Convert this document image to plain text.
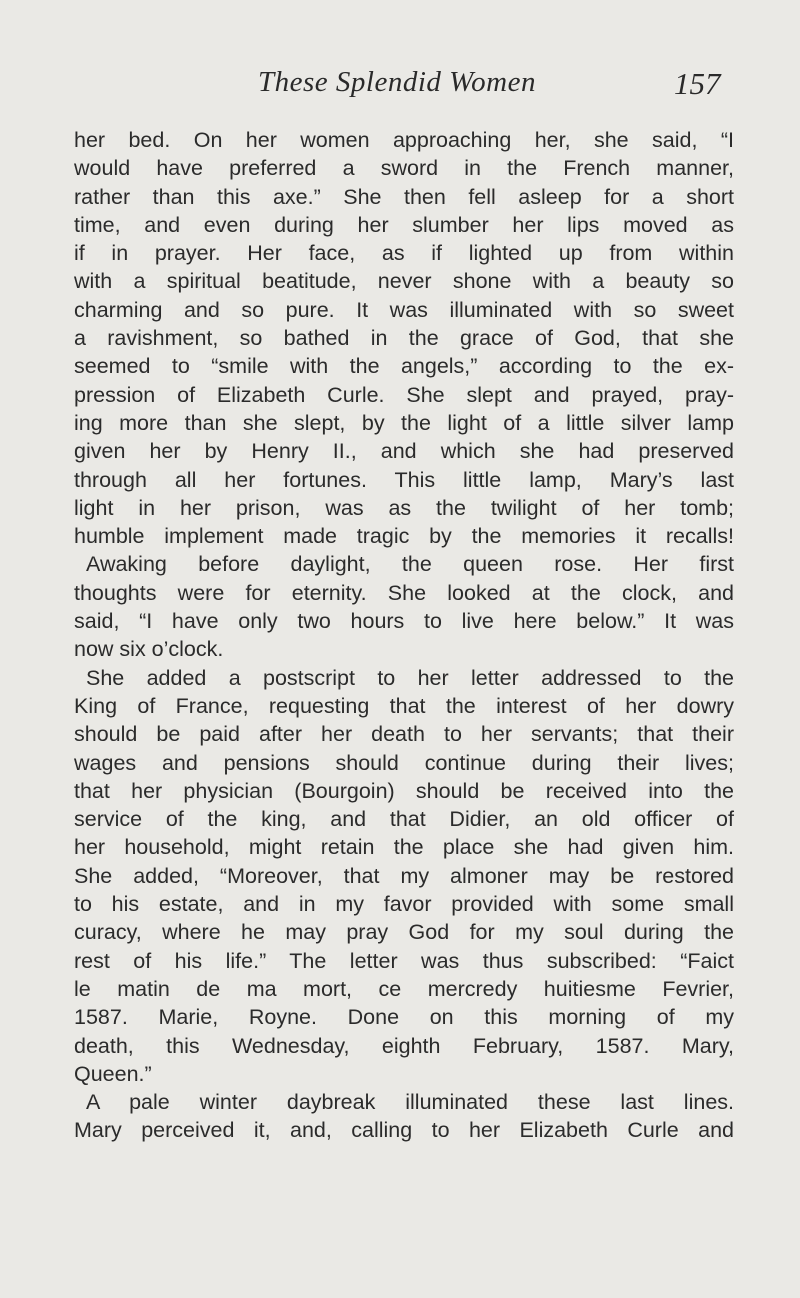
These Splendid Women	157
her bed. On her women approaching her, she said, “I
would have preferred a sword in the French manner,
rather than this axe.” She then fell asleep for a short
time, and even during her slumber her lips moved as
if in prayer. Her face, as if lighted up from within
with a spiritual beatitude, never shone with a beauty so
charming and so pure. It was illuminated with so sweet
a ravishment, so bathed in the grace of God, that she
seemed to “smile with the angels,” according to the ex-
pression of Elizabeth Curle. She slept and prayed, pray-
ing more than she slept, by the light of a little silver lamp
given her by Henry II., and which she had preserved
through all her fortunes. This little lamp, Mary’s last
light in her prison, was as the twilight of her tomb;
humble implement made tragic by the memories it recalls!
Awaking before daylight, the queen rose. Her first
thoughts were for eternity. She looked at the clock, and
said, “I have only two hours to live here below.” It was
now six o’clock.
She added a postscript to her letter addressed to the
King of France, requesting that the interest of her dowry
should be paid after her death to her servants; that their
wages and pensions should continue during their lives;
that her physician (Bourgoin) should be received into the
service of the king, and that Didier, an old officer of
her household, might retain the place she had given him.
She added, “Moreover, that my almoner may be restored
to his estate, and in my favor provided with some small
curacy, where he may pray God for my soul during the
rest of his life.” The letter was thus subscribed: “Faict
le matin de ma mort, ce mercredy huitiesme Fevrier,
1587. Marie, Royne. Done on this morning of my
death, this Wednesday, eighth February, 1587. Mary,
Queen.”
A pale winter daybreak illuminated these last lines.
Mary perceived it, and, calling to her Elizabeth Curle and
